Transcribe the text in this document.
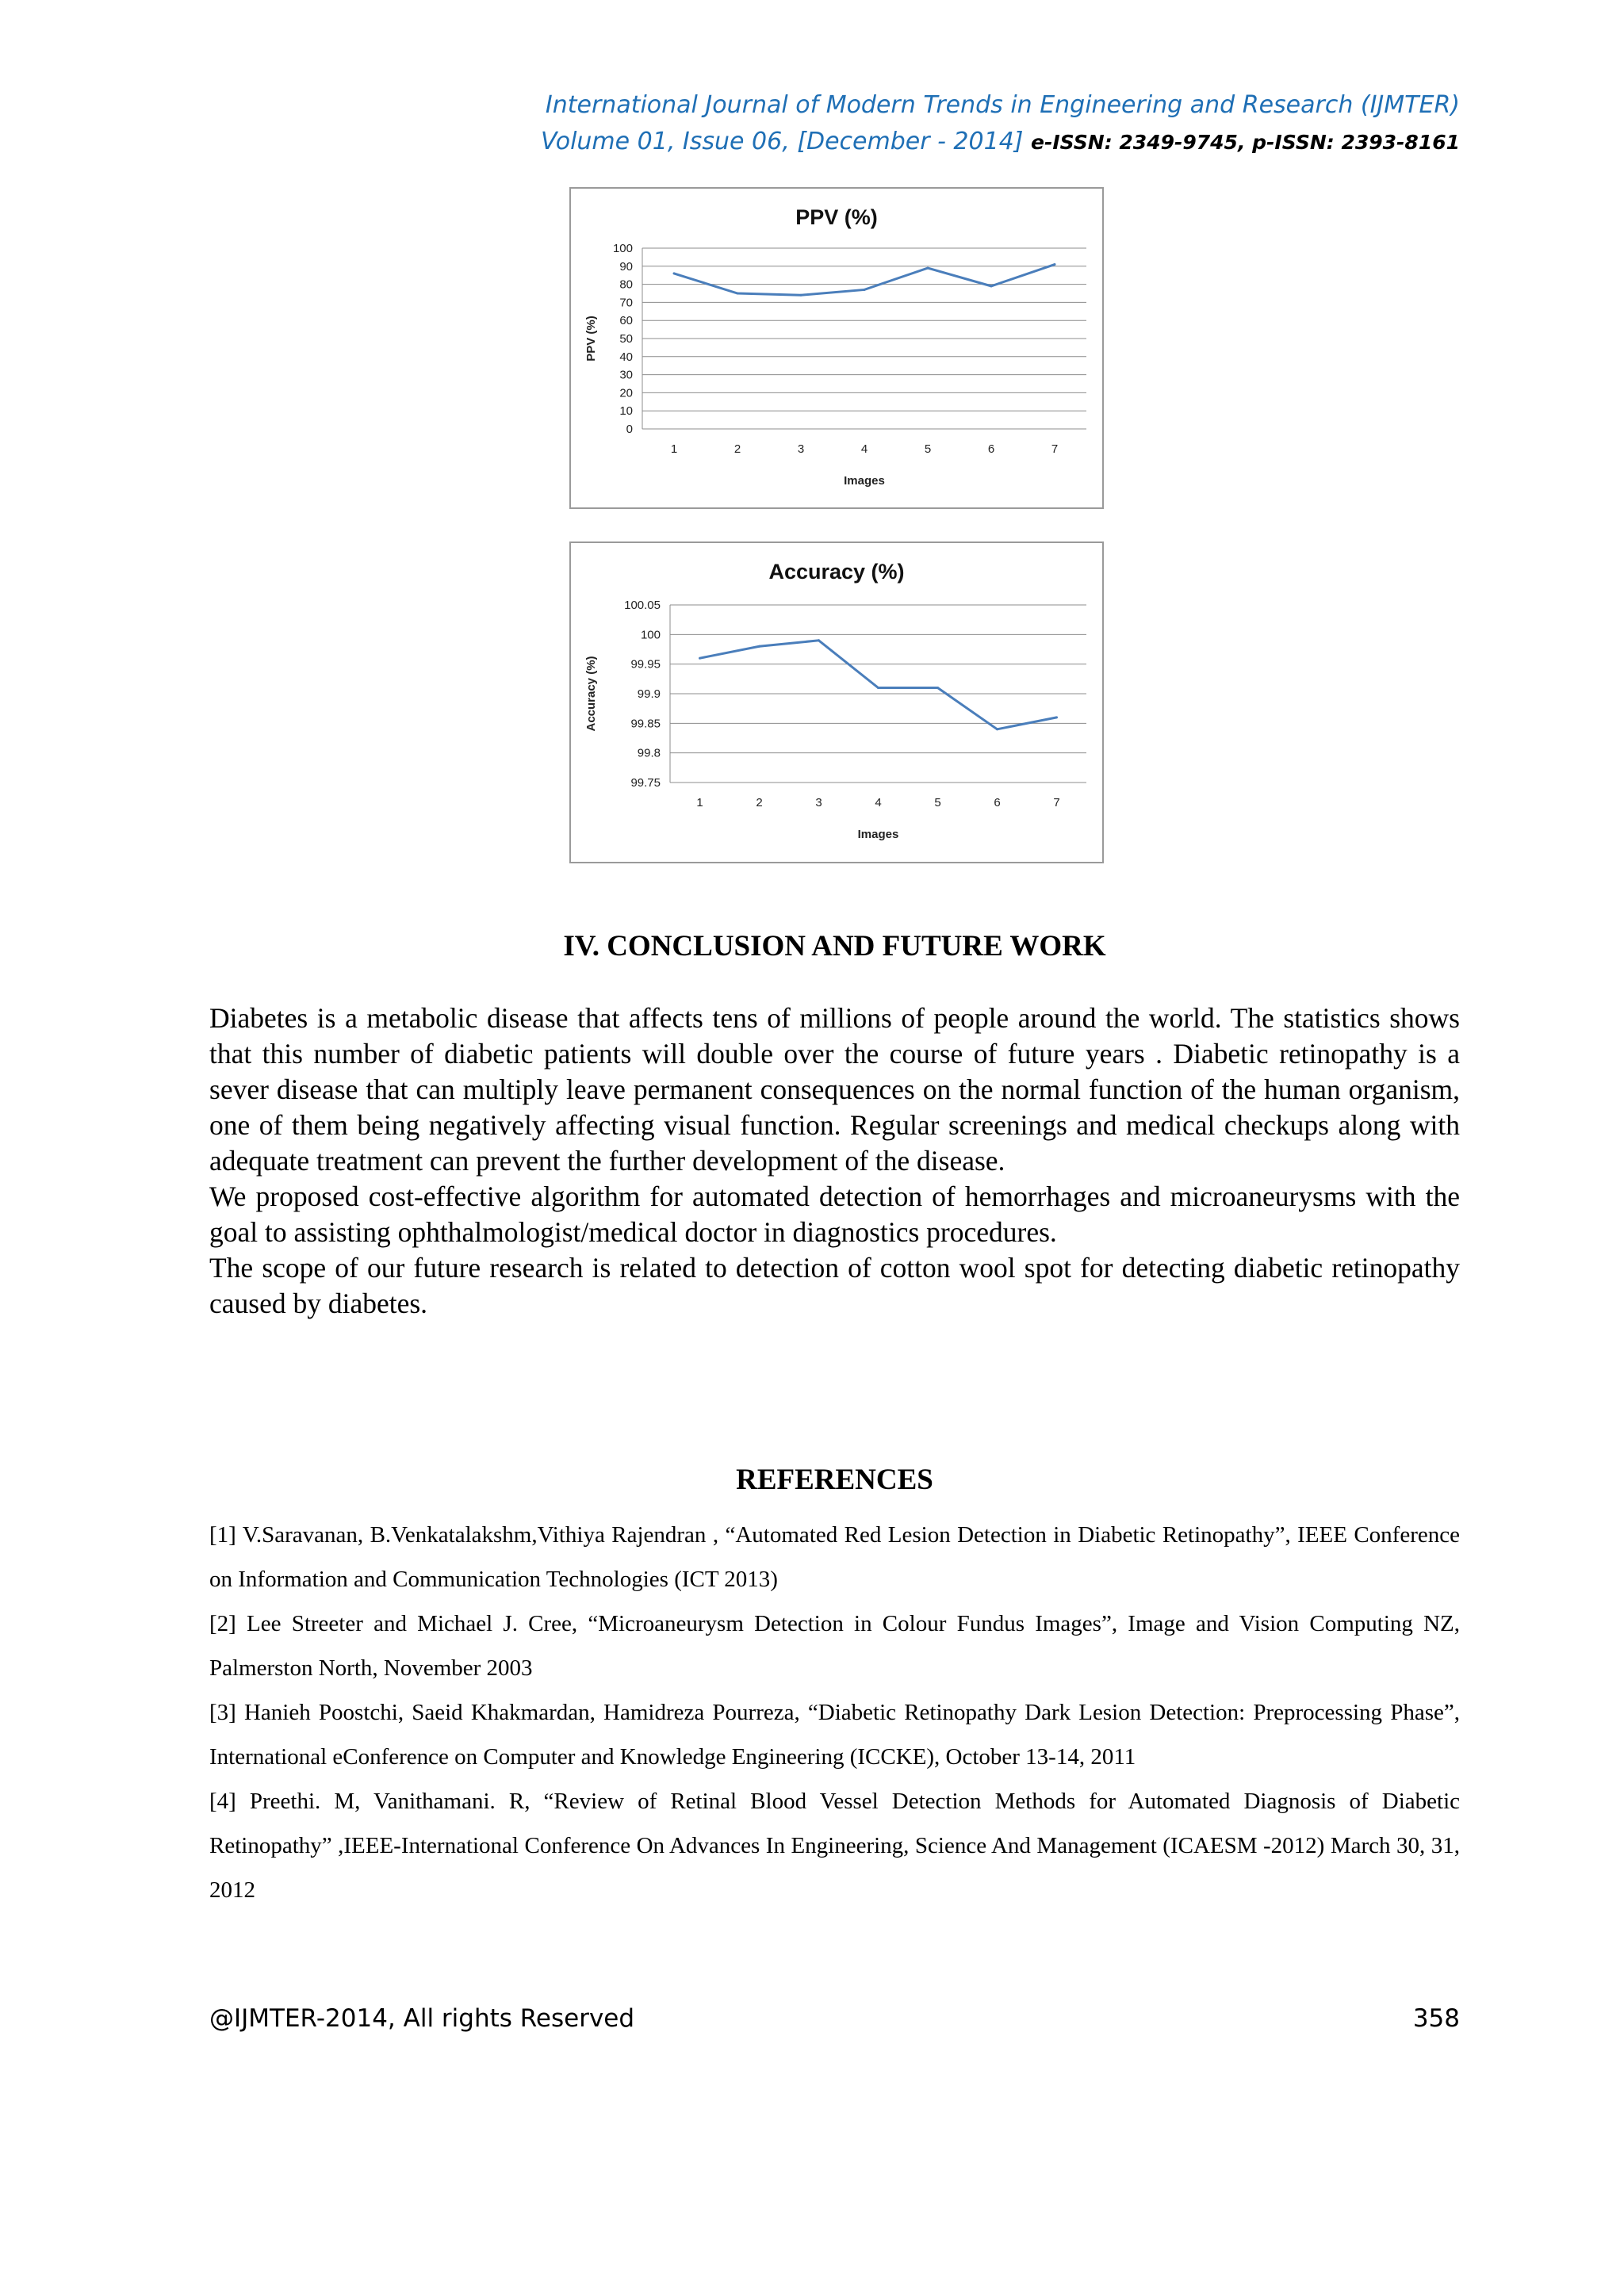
International Journal of Modern Trends in Engineering and Research (IJMTER)
Volume 01, Issue 06, [December - 2014] e-ISSN: 2349-9745, p-ISSN: 2393-8161
PPV (%)
0
10
20
30
40
50
60
70
80
90
100
1	2	3	4	5	6	7
Images
PPV (%)
Accuracy (%)
99.75
99.8
99.85
99.9
99.95
100
100.05
1	2	3	4	5	6	7
Images
Accuracy (%)
IV. CONCLUSION AND FUTURE WORK

Diabetes is a metabolic disease that affects tens of millions of people around the world. The statistics shows that this number of diabetic patients will double over the course of future years . Diabetic retinopathy is a sever disease that can multiply leave permanent consequences on the normal function of the human organism, one of them being negatively affecting visual function. Regular screenings and medical checkups along with adequate treatment can prevent the further development of the disease.

We proposed cost-effective algorithm for automated detection of hemorrhages and microaneurysms with the goal to assisting ophthalmologist/medical doctor in diagnostics procedures.

The scope of our future research is related to detection of cotton wool spot for detecting diabetic retinopathy caused by diabetes.

REFERENCES

[1] V.Saravanan, B.Venkatalakshm,Vithiya Rajendran , “Automated Red Lesion Detection in Diabetic Retinopathy”, IEEE Conference on Information and Communication Technologies (ICT 2013)

[2] Lee Streeter and Michael J. Cree, “Microaneurysm Detection in Colour Fundus Images”, Image and Vision Computing NZ, Palmerston North, November 2003

[3] Hanieh Poostchi, Saeid Khakmardan, Hamidreza Pourreza, “Diabetic Retinopathy Dark Lesion Detection: Preprocessing Phase”, International eConference on Computer and Knowledge Engineering (ICCKE), October 13-14, 2011

[4] Preethi. M, Vanithamani. R, “Review of Retinal Blood Vessel Detection Methods for Automated Diagnosis of Diabetic Retinopathy” ,IEEE-International Conference On Advances In Engineering, Science And Management (ICAESM -2012) March 30, 31, 2012

@IJMTER-2014, All rights Reserved	358
